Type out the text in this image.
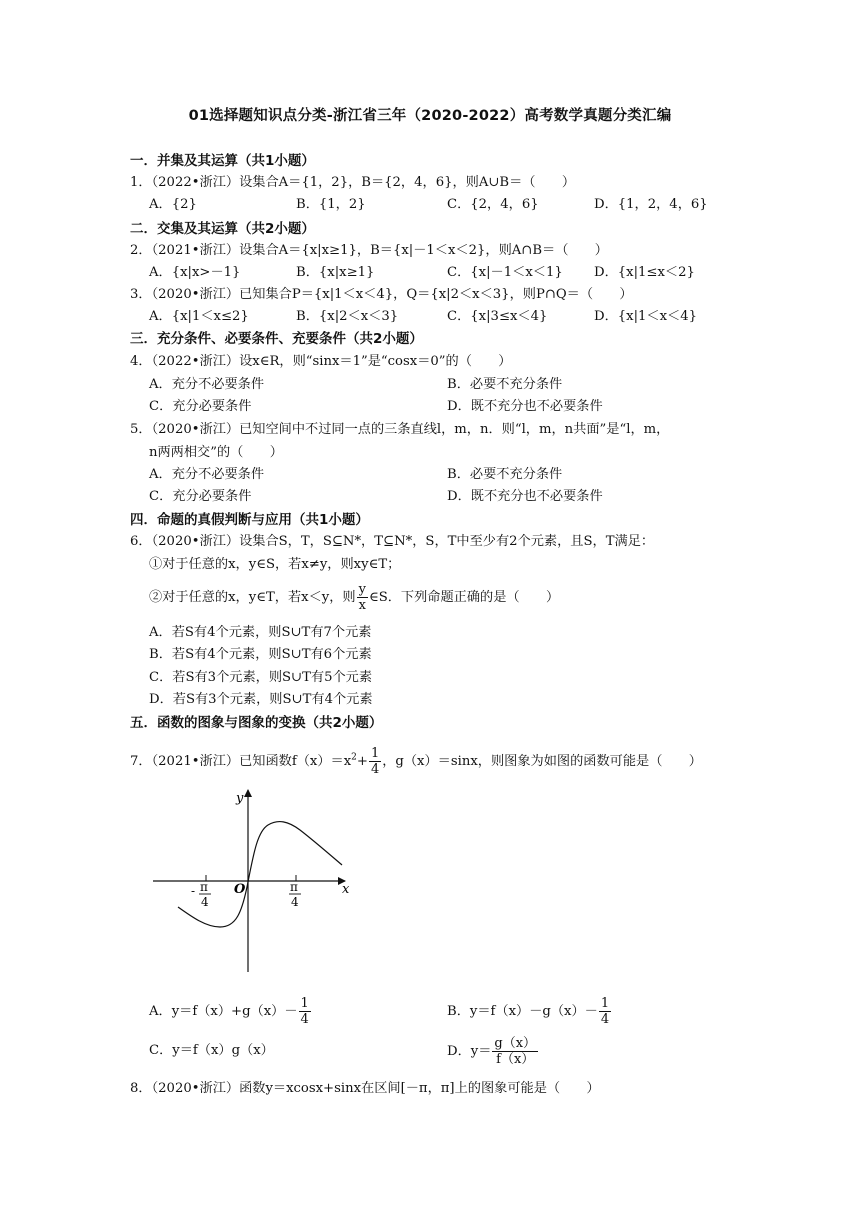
01选择题知识点分类-浙江省三年（2020-2022）高考数学真题分类汇编
一．并集及其运算（共1小题）
1．（2022•浙江）设集合A＝{1，2}，B＝{2，4，6}，则A∪B＝（　　）
A．{2}	B．{1，2}	C．{2，4，6}	D．{1，2，4，6}
二．交集及其运算（共2小题）
2．（2021•浙江）设集合A＝{x|x≥1}，B＝{x|－1＜x＜2}，则A∩B＝（　　）
A．{x|x>－1}	B．{x|x≥1}	C．{x|－1＜x＜1} D．{x|1≤x＜2}
3．（2020•浙江）已知集合P＝{x|1＜x＜4}，Q＝{x|2＜x＜3}，则P∩Q＝（　　）
A．{x|1＜x≤2}	B．{x|2＜x＜3}	C．{x|3≤x＜4}	D．{x|1＜x＜4}
三．充分条件、必要条件、充要条件（共2小题）
4．（2022•浙江）设x∈R，则“sinx＝1”是“cosx＝0”的（　　）
A．充分不必要条件	B．必要不充分条件
C．充分必要条件	D．既不充分也不必要条件
5．（2020•浙江）已知空间中不过同一点的三条直线l，m，n．则“l，m，n共面”是“l，m，
n两两相交”的（　　）
A．充分不必要条件	B．必要不充分条件
C．充分必要条件	D．既不充分也不必要条件
四．命题的真假判断与应用（共1小题）
6．（2020•浙江）设集合S，T，S⊆N*，T⊆N*，S，T中至少有2个元素，且S，T满足：
①对于任意的x，y∈S，若x≠y，则xy∈T；
②对于任意的x，y∈T，若x＜y，则 $\frac{y}{x}$ ∈S．下列命题正确的是（　　）
A．若S有4个元素，则S∪T有7个元素
B．若S有4个元素，则S∪T有6个元素
C．若S有3个元素，则S∪T有5个元素
D．若S有3个元素，则S∪T有4个元素
五．函数的图象与图象的变换（共2小题）
7．（2021•浙江）已知函数$f(x)=x^2+ \frac{1}{4}$ ，g（x）＝sinx，则图象为如图的函数可能是（　　）
y
x
O
- π
4
π
4
A．$y=f(x)+g(x)- \frac{1}{4}$	B．$y=f(x)-g(x)- \frac{1}{4}$
C．y＝f（x）g（x）	D．$y= \frac{g(x)}{f(x)}$
8．（2020•浙江）函数y＝xcosx+sinx在区间[－π，π]上的图象可能是（　　）
